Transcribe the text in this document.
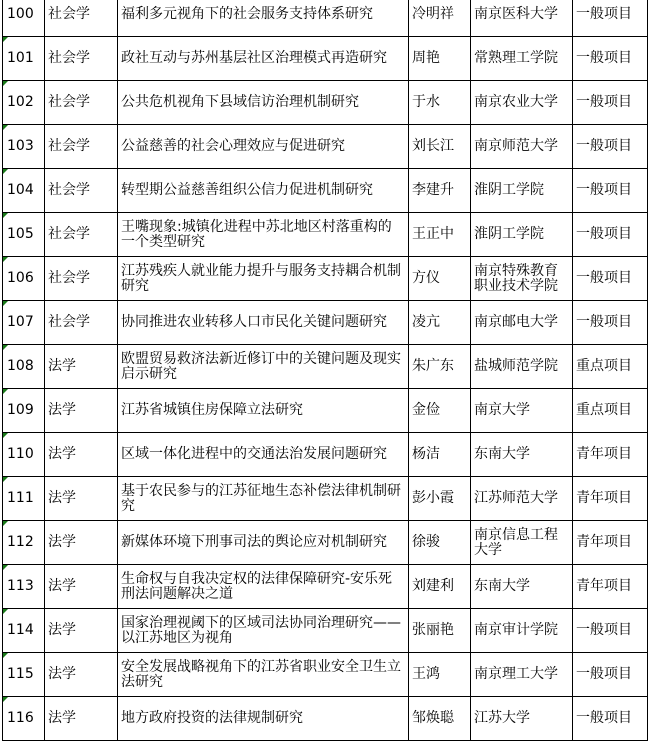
100	社会学	福利多元视角下的社会服务支持体系研究	冷明祥	南京医科大学	一般项目
101	社会学	政社互动与苏州基层社区治理模式再造研究	周艳	常熟理工学院	一般项目
102	社会学	公共危机视角下县域信访治理机制研究	于水	南京农业大学	一般项目
103	社会学	公益慈善的社会心理效应与促进研究	刘长江	南京师范大学	一般项目
104	社会学	转型期公益慈善组织公信力促进机制研究	李建升	淮阴工学院	一般项目
105	社会学	王嘴现象:城镇化进程中苏北地区村落重构的一个类型研究	王正中	淮阴工学院	一般项目
106	社会学	江苏残疾人就业能力提升与服务支持耦合机制研究	方仪	南京特殊教育职业技术学院	一般项目
107	社会学	协同推进农业转移人口市民化关键问题研究	凌亢	南京邮电大学	一般项目
108	法学	欧盟贸易救济法新近修订中的关键问题及现实启示研究	朱广东	盐城师范学院	重点项目
109	法学	江苏省城镇住房保障立法研究	金俭	南京大学	重点项目
110	法学	区域一体化进程中的交通法治发展问题研究	杨洁	东南大学	青年项目
111	法学	基于农民参与的江苏征地生态补偿法律机制研究	彭小霞	江苏师范大学	青年项目
112	法学	新媒体环境下刑事司法的舆论应对机制研究	徐骏	南京信息工程大学	青年项目
113	法学	生命权与自我决定权的法律保障研究-安乐死刑法问题解决之道	刘建利	东南大学	青年项目
114	法学	国家治理视阈下的区域司法协同治理研究——以江苏地区为视角	张丽艳	南京审计学院	一般项目
115	法学	安全发展战略视角下的江苏省职业安全卫生立法研究	王鸿	南京理工大学	一般项目
116	法学	地方政府投资的法律规制研究	邹焕聪	江苏大学	一般项目
